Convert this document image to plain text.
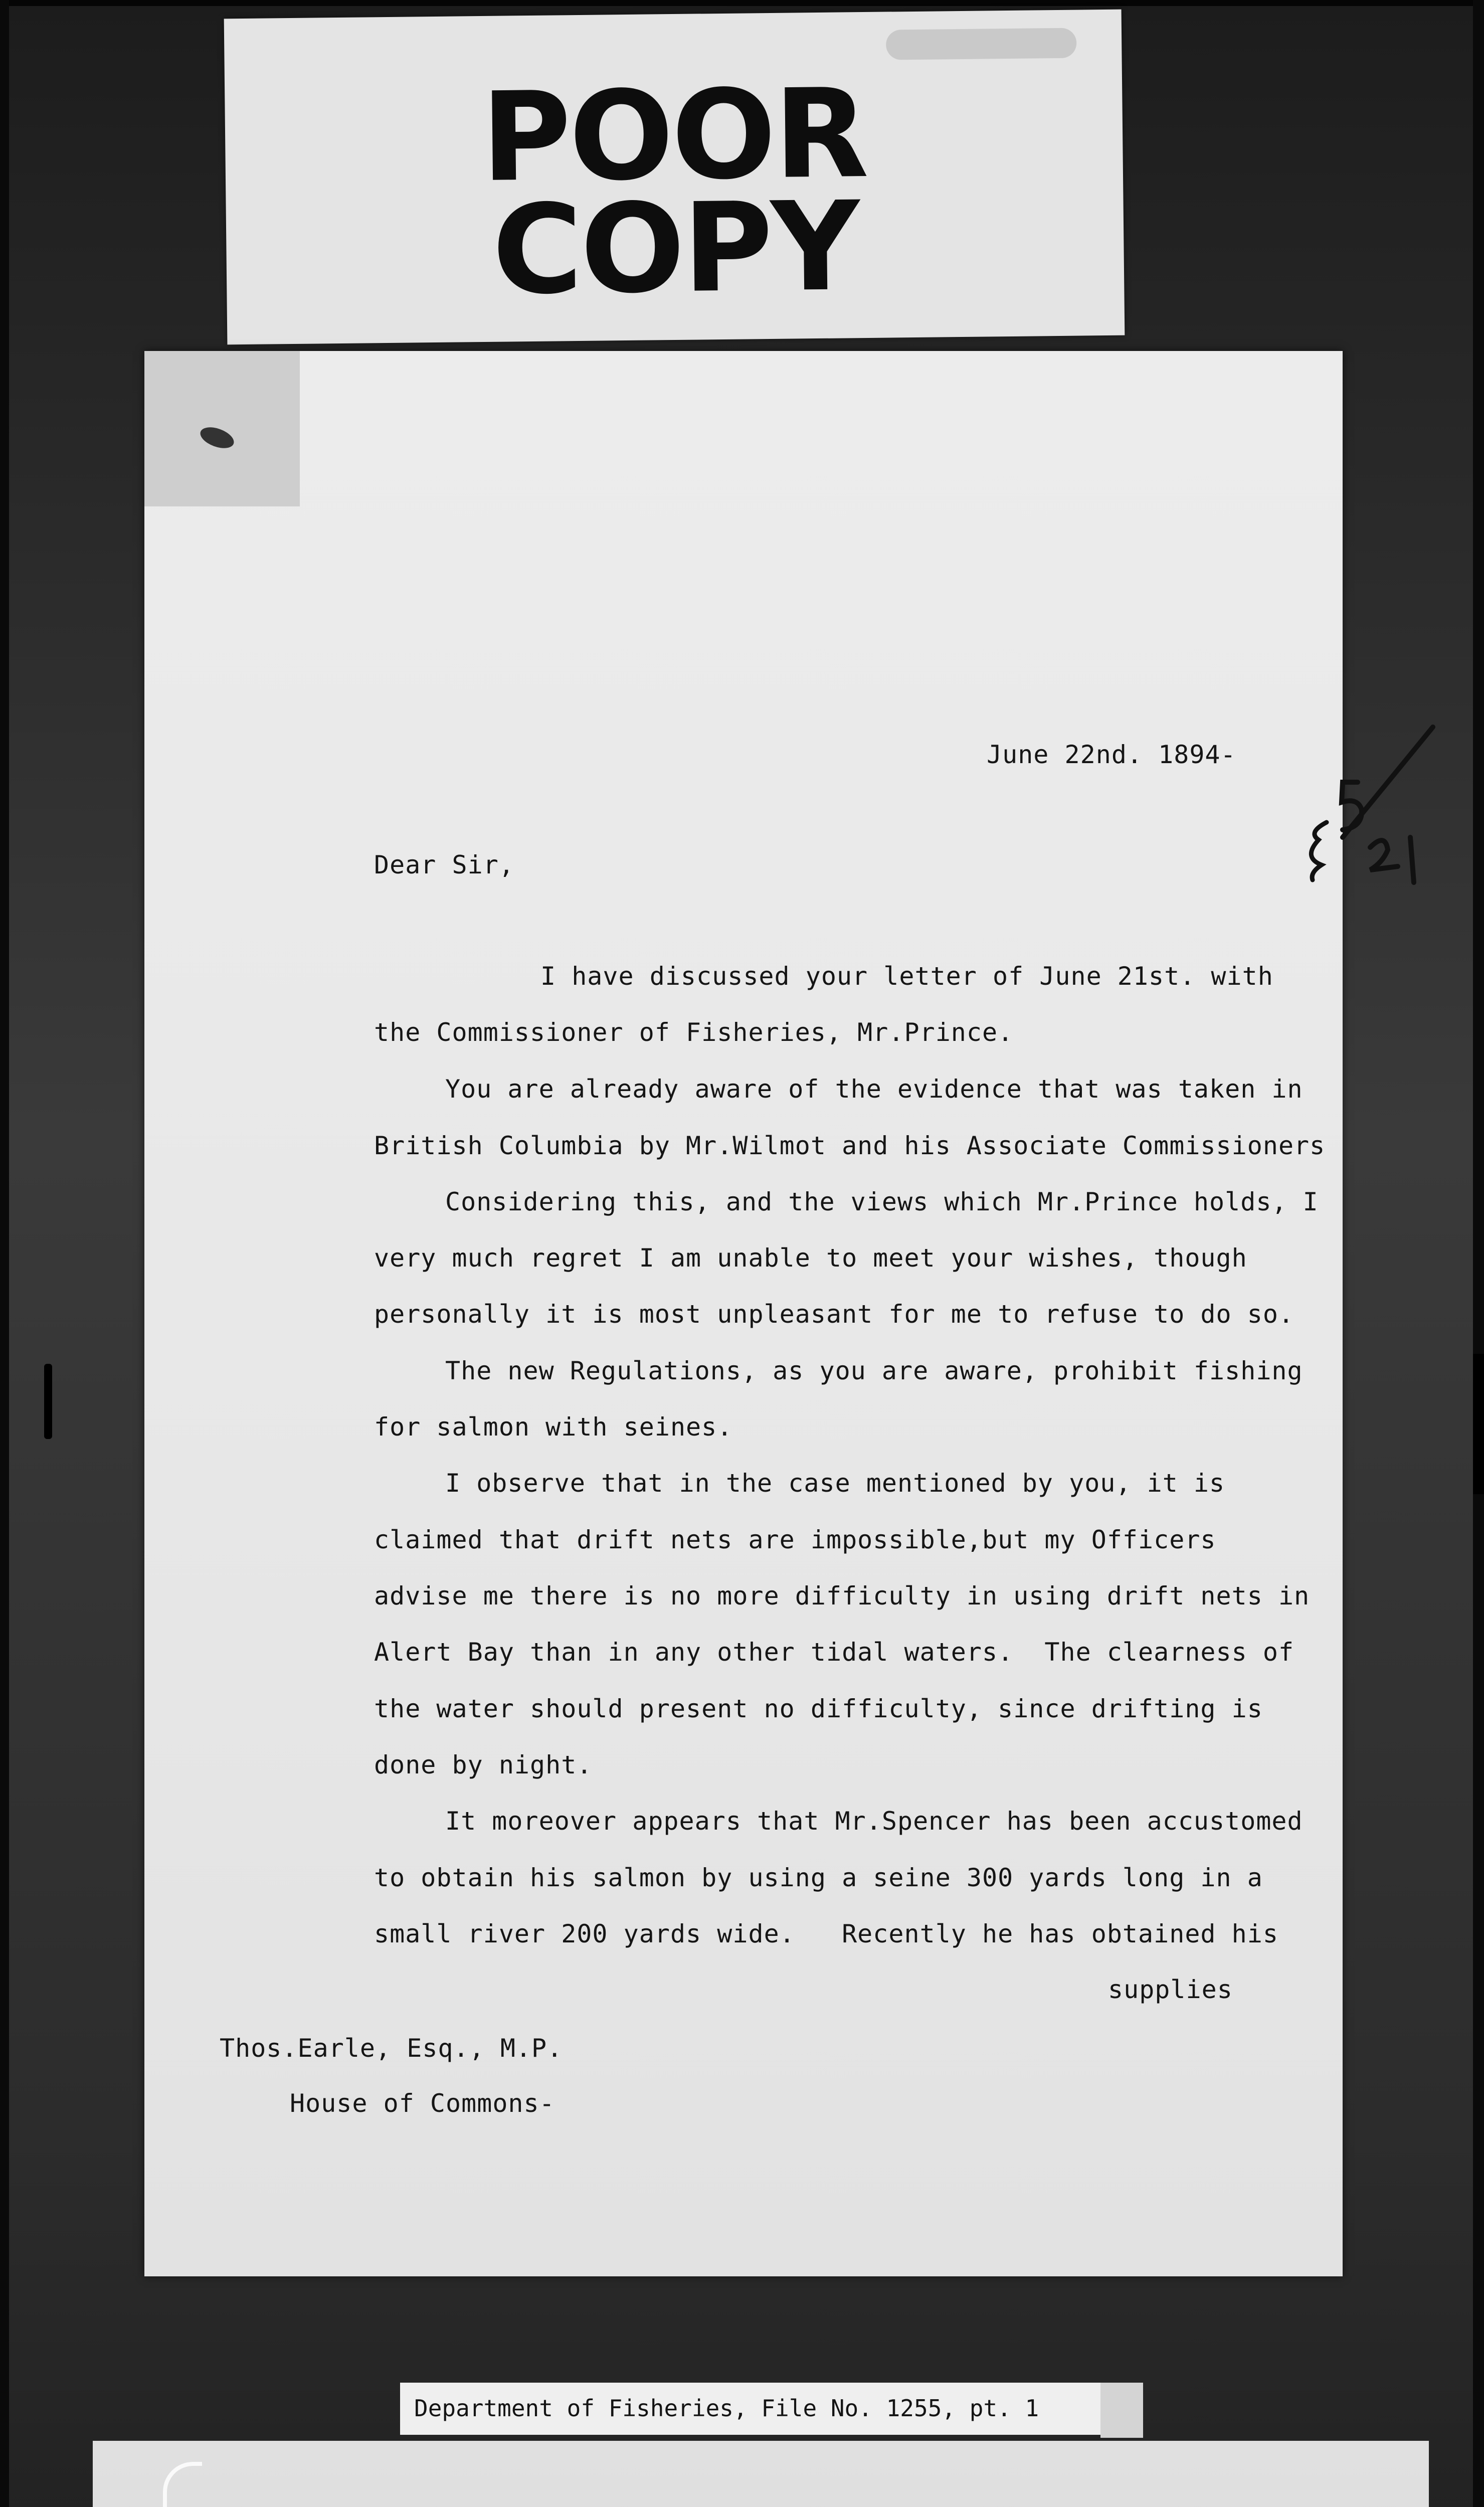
POOR
COPY
June 22nd. 1894-
Dear Sir,
I have discussed your letter of June 21st. with
the Commissioner of Fisheries, Mr.Prince.
You are already aware of the evidence that was taken in
British Columbia by Mr.Wilmot and his Associate Commissioners
Considering this, and the views which Mr.Prince holds, I
very much regret I am unable to meet your wishes, though
personally it is most unpleasant for me to refuse to do so.
The new Regulations, as you are aware, prohibit fishing
for salmon with seines.
I observe that in the case mentioned by you, it is
claimed that drift nets are impossible,but my Officers
advise me there is no more difficulty in using drift nets in
Alert Bay than in any other tidal waters.  The clearness of
the water should present no difficulty, since drifting is
done by night.
It moreover appears that Mr.Spencer has been accustomed
to obtain his salmon by using a seine 300 yards long in a
small river 200 yards wide.   Recently he has obtained his
supplies
Thos.Earle, Esq., M.P.
House of Commons-
Department of Fisheries, File No. 1255, pt. 1
